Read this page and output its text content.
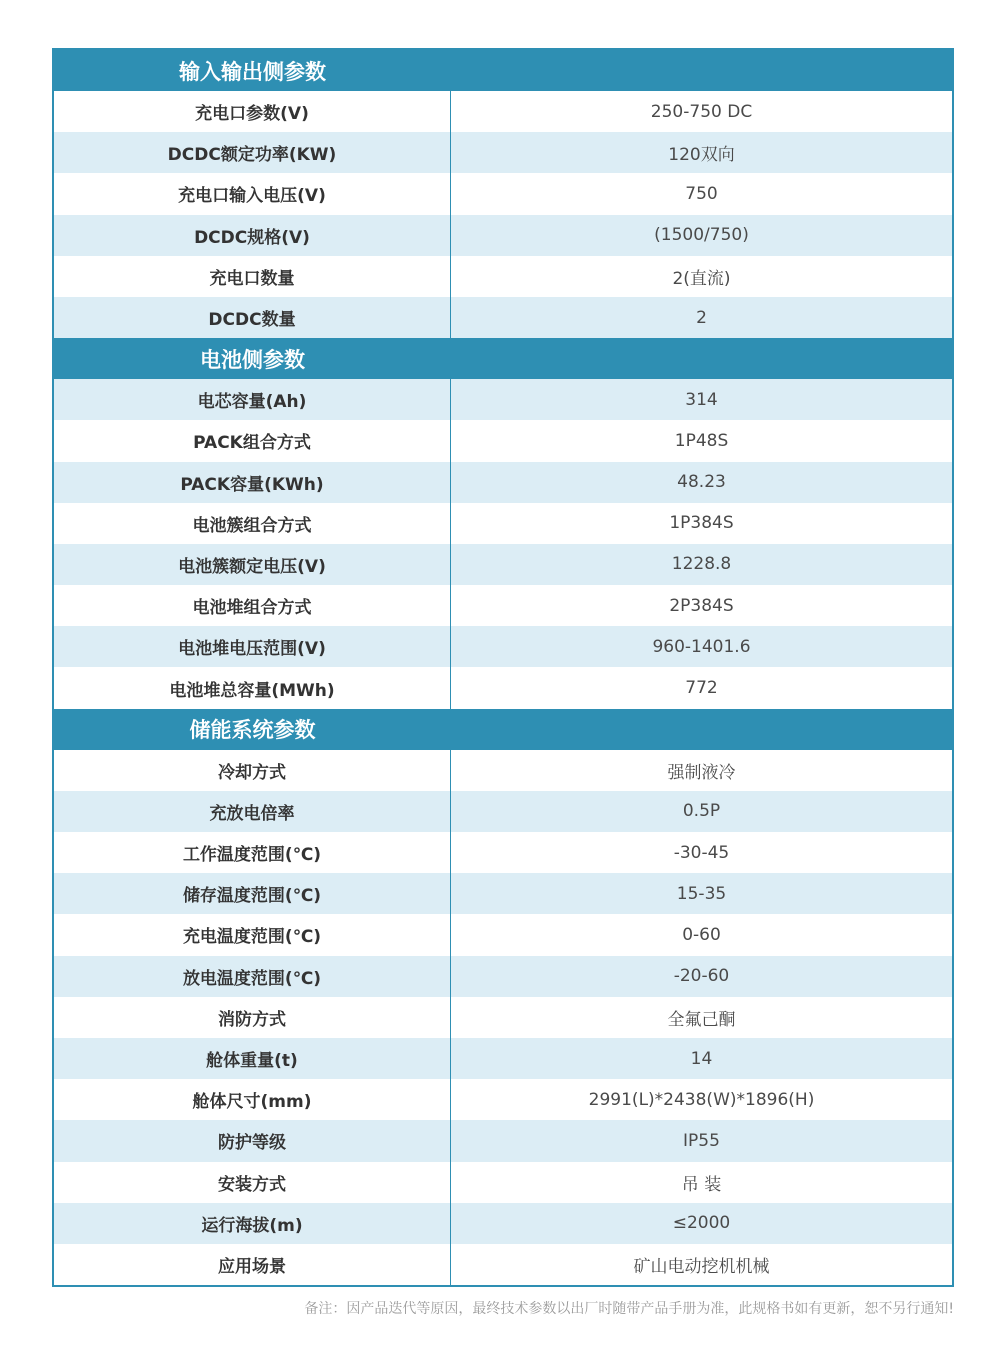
输入输出侧参数
充电口参数(V)	250-750 DC
DCDC额定功率(KW)	120双向
充电口输入电压(V)	750
DCDC规格(V)	(1500/750)
充电口数量	2(直流)
DCDC数量	2
电池侧参数
电芯容量(Ah)	314
PACK组合方式	1P48S
PACK容量(KWh)	48.23
电池簇组合方式	1P384S
电池簇额定电压(V)	1228.8
电池堆组合方式	2P384S
电池堆电压范围(V)	960-1401.6
电池堆总容量(MWh)	772
储能系统参数
冷却方式	强制液冷
充放电倍率	0.5P
工作温度范围(℃)	-30-45
储存温度范围(℃)	15-35
充电温度范围(℃)	0-60
放电温度范围(℃)	-20-60
消防方式	全氟己酮
舱体重量(t)	14
舱体尺寸(mm)	2991(L)*2438(W)*1896(H)
防护等级	IP55
安装方式	吊 装
运行海拔(m)	≤2000
应用场景	矿山电动挖机机械
备注：因产品迭代等原因，最终技术参数以出厂时随带产品手册为准，此规格书如有更新，恕不另行通知!
